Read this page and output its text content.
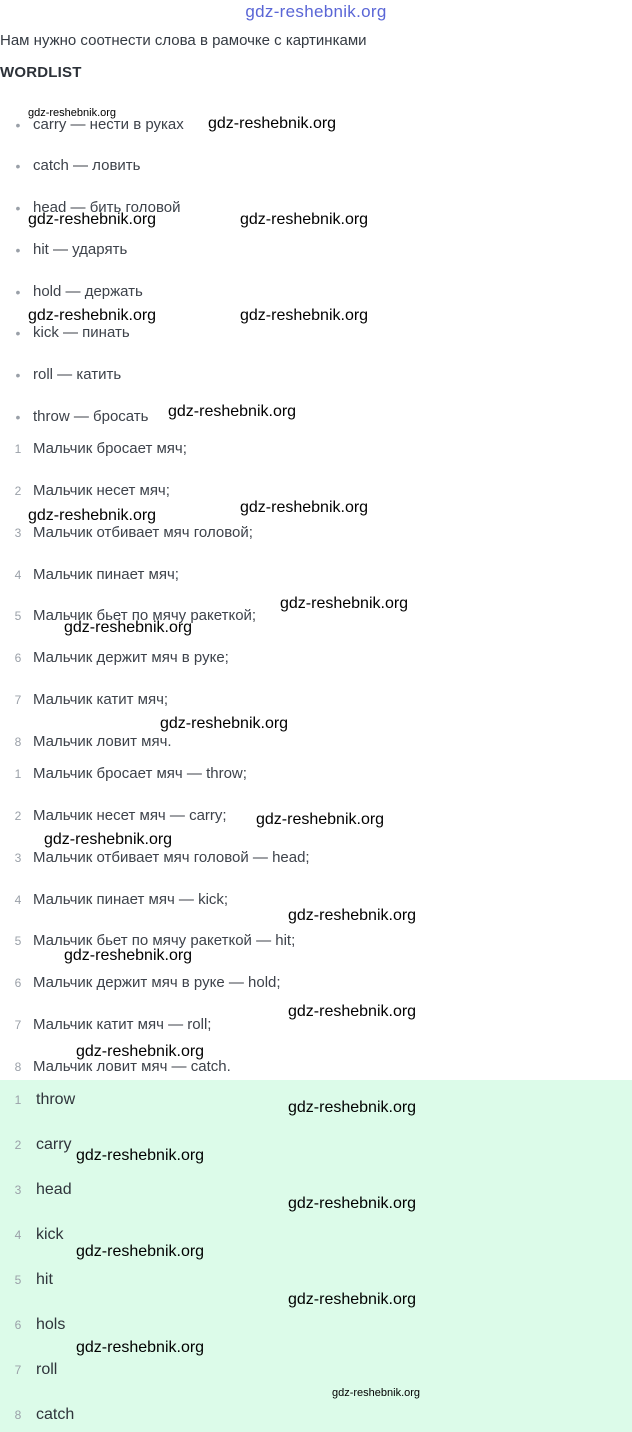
gdz-reshebnik.org
Нам нужно соотнести слова в рамочке с картинками
WORDLIST
• carry — нести в руках
• catch — ловить
• head — бить головой
• hit — ударять
• hold — держать
• kick — пинать
• roll — катить
• throw — бросать
1 Мальчик бросает мяч;
2 Мальчик несет мяч;
3 Мальчик отбивает мяч головой;
4 Мальчик пинает мяч;
5 Мальчик бьет по мячу ракеткой;
6 Мальчик держит мяч в руке;
7 Мальчик катит мяч;
8 Мальчик ловит мяч.
1 Мальчик бросает мяч — throw;
2 Мальчик несет мяч — carry;
3 Мальчик отбивает мяч головой — head;
4 Мальчик пинает мяч — kick;
5 Мальчик бьет по мячу ракеткой — hit;
6 Мальчик держит мяч в руке — hold;
7 Мальчик катит мяч — roll;
8 Мальчик ловит мяч — catch.
1 throw
2 carry
3 head
4 kick
5 hit
6 hols
7 roll
8 catch
gdz-reshebnik.org
gdz-reshebnik.org
gdz-reshebnik.org	gdz-reshebnik.org
gdz-reshebnik.org	gdz-reshebnik.org
gdz-reshebnik.org
gdz-reshebnik.org
gdz-reshebnik.org
gdz-reshebnik.org
gdz-reshebnik.org
gdz-reshebnik.org
gdz-reshebnik.org
gdz-reshebnik.org
gdz-reshebnik.org
gdz-reshebnik.org
gdz-reshebnik.org
gdz-reshebnik.org
gdz-reshebnik.org
gdz-reshebnik.org
gdz-reshebnik.org
gdz-reshebnik.org
gdz-reshebnik.org
gdz-reshebnik.org
gdz-reshebnik.org
